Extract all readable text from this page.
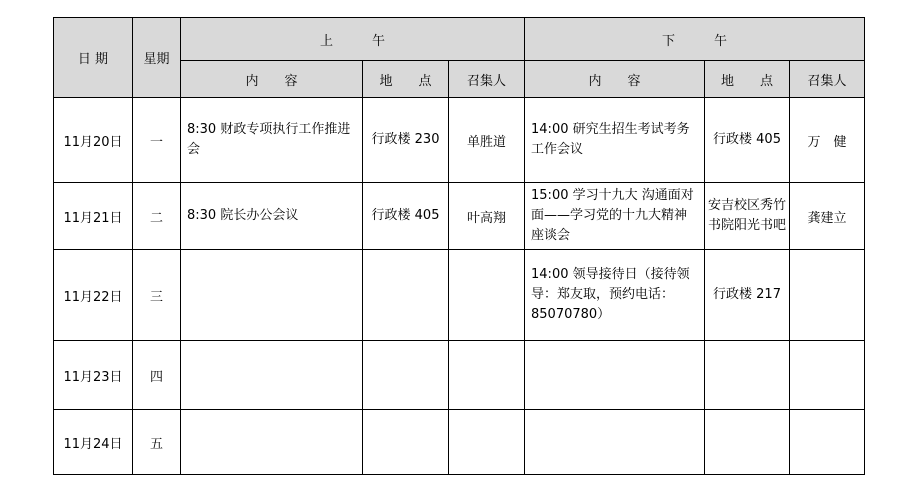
日 期	星期	上　　　午			下　　　午		
		内　　容	地　　点	召集人	内　　容	地　　点	召集人
11月20日	一	8:30 财政专项执行工作推进会	行政楼 230	单胜道	14:00 研究生招生考试考务工作会议	行政楼 405	万　健
11月21日	二	8:30 院长办公会议	行政楼 405	叶高翔	15:00 学习十九大 沟通面对面——学习党的十九大精神座谈会	安吉校区秀竹书院阳光书吧	龚建立
11月22日	三				14:00 领导接待日（接待领导：郑友取，预约电话：85070780）	行政楼 217	
11月23日	四						
11月24日	五						
